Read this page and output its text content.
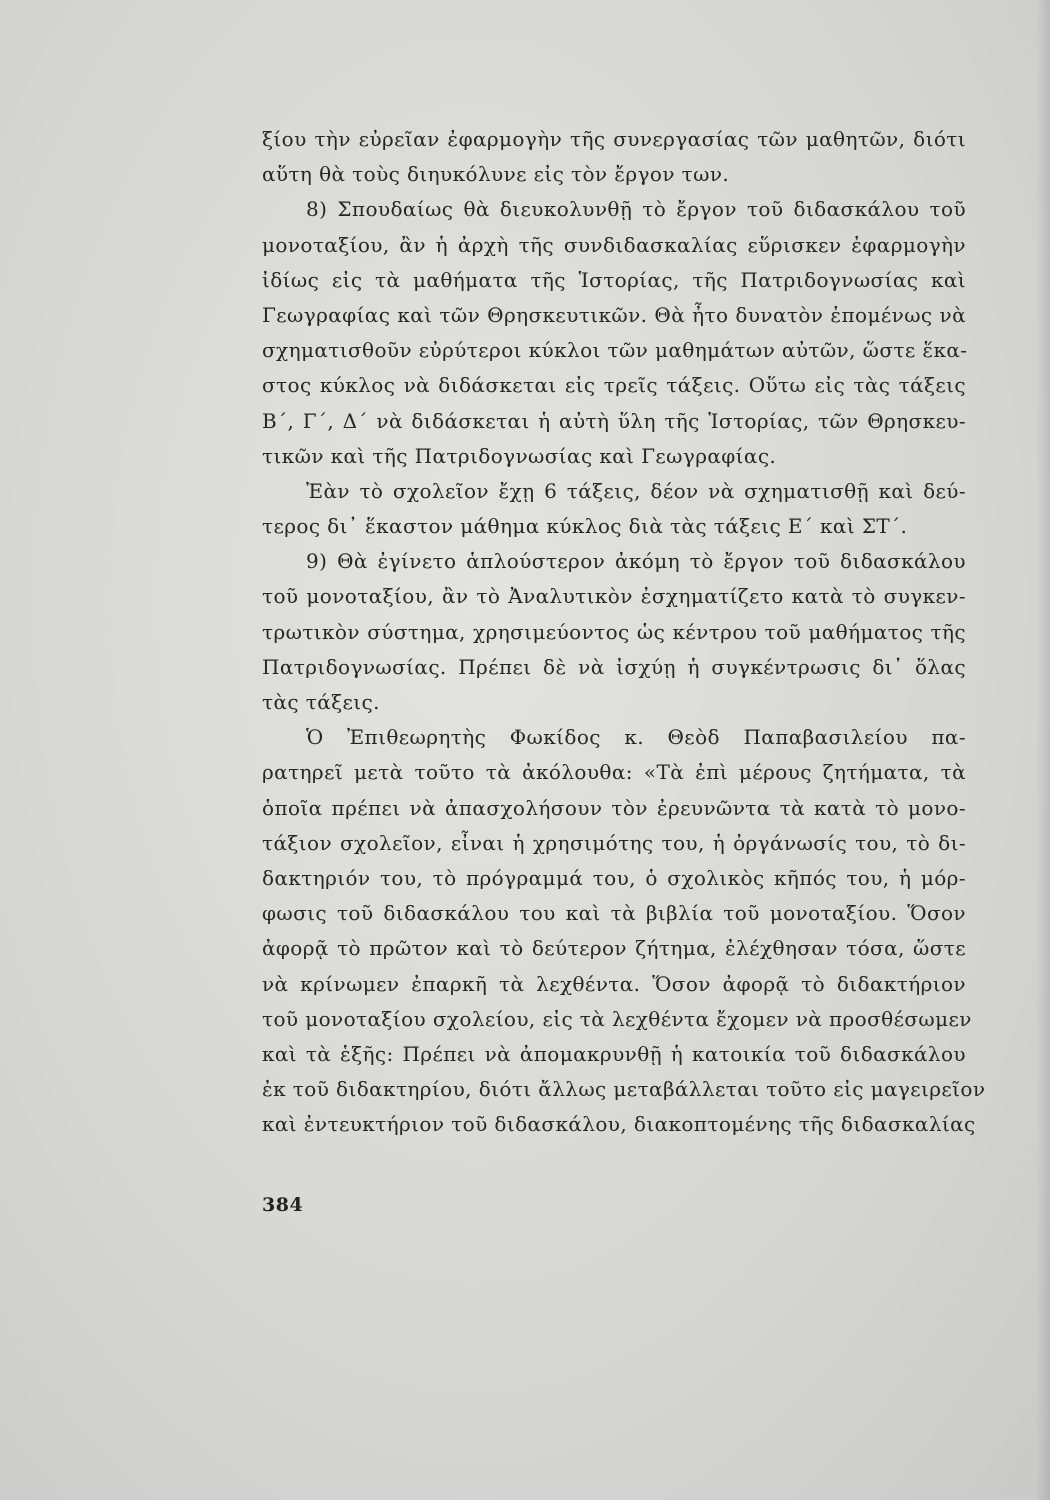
ξίου τὴν εὐρεῖαν ἐφαρμογὴν τῆς συνεργασίας τῶν μαθητῶν, διότι
αὕτη θὰ τοὺς διηυκόλυνε εἰς τὸν ἔργον των.
8) Σπουδαίως θὰ διευκολυνθῇ τὸ ἔργον τοῦ διδασκάλου τοῦ
μονοταξίου, ἂν ἡ ἀρχὴ τῆς συνδιδασκαλίας εὕρισκεν ἐφαρμογὴν
ἰδίως εἰς τὰ μαθήματα τῆς Ἱστορίας, τῆς Πατριδογνωσίας καὶ
Γεωγραφίας καὶ τῶν Θρησκευτικῶν. Θὰ ἦτο δυνατὸν ἐπομένως νὰ
σχηματισθοῦν εὐρύτεροι κύκλοι τῶν μαθημάτων αὐτῶν, ὥστε ἕκα-
στος κύκλος νὰ διδάσκεται εἰς τρεῖς τάξεις. Οὕτω εἰς τὰς τάξεις
Β΄, Γ΄, Δ΄ νὰ διδάσκεται ἡ αὐτὴ ὕλη τῆς Ἱστορίας, τῶν Θρησκευ-
τικῶν καὶ τῆς Πατριδογνωσίας καὶ Γεωγραφίας.
Ἐὰν τὸ σχολεῖον ἔχῃ 6 τάξεις, δέον νὰ σχηματισθῇ καὶ δεύ-
τερος δι᾽ ἕκαστον μάθημα κύκλος διὰ τὰς τάξεις Ε΄ καὶ ΣΤ΄.
9) Θὰ ἐγίνετο ἁπλούστερον ἀκόμη τὸ ἔργον τοῦ διδασκάλου
τοῦ μονοταξίου, ἂν τὸ Ἀναλυτικὸν ἐσχηματίζετο κατὰ τὸ συγκεν-
τρωτικὸν σύστημα, χρησιμεύοντος ὡς κέντρου τοῦ μαθήματος τῆς
Πατριδογνωσίας. Πρέπει δὲ νὰ ἰσχύῃ ἡ συγκέντρωσις δι᾽ ὅλας
τὰς τάξεις.
Ὁ Ἐπιθεωρητὴς Φωκίδος κ. Θεὸδ Παπαβασιλείου πα-
ρατηρεῖ μετὰ τοῦτο τὰ ἀκόλουθα: «Τὰ ἐπὶ μέρους ζητήματα, τὰ
ὁποῖα πρέπει νὰ ἀπασχολήσουν τὸν ἐρευνῶντα τὰ κατὰ τὸ μονο-
τάξιον σχολεῖον, εἶναι ἡ χρησιμότης του, ἡ ὀργάνωσίς του, τὸ δι-
δακτηριόν του, τὸ πρόγραμμά του, ὁ σχολικὸς κῆπός του, ἡ μόρ-
φωσις τοῦ διδασκάλου του καὶ τὰ βιβλία τοῦ μονοταξίου. Ὅσον
ἀφορᾷ τὸ πρῶτον καὶ τὸ δεύτερον ζήτημα, ἐλέχθησαν τόσα, ὥστε
νὰ κρίνωμεν ἐπαρκῆ τὰ λεχθέντα. Ὅσον ἀφορᾷ τὸ διδακτήριον
τοῦ μονοταξίου σχολείου, εἰς τὰ λεχθέντα ἔχομεν νὰ προσθέσωμεν
καὶ τὰ ἑξῆς: Πρέπει νὰ ἀπομακρυνθῇ ἡ κατοικία τοῦ διδασκάλου
ἐκ τοῦ διδακτηρίου, διότι ἄλλως μεταβάλλεται τοῦτο εἰς μαγειρεῖον
καὶ ἐντευκτήριον τοῦ διδασκάλου, διακοπτομένης τῆς διδασκαλίας
384
